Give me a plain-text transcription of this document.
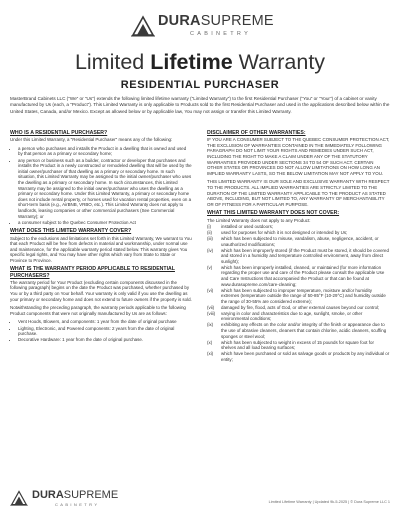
DURASUPREME
CABINETRY
Limited Lifetime Warranty
RESIDENTIAL PURCHASER

MasterBrand Cabinets LLC ("We" or "Us") extends the following limited lifetime warranty ("Limited Warranty") to the first Residential Purchaser ("You" or "Your") of a cabinet or vanity manufactured by Us (each, a "Product"). This Limited Warranty is only applicable to Products sold to the first Residential Purchaser and used in the applications described below within the United States, Canada, and/or Mexico. Except as allowed below or by applicable law, You may not assign or transfer this Limited Warranty.

WHO IS A RESIDENTIAL PURCHASER?
Under this Limited Warranty, a "Residential Purchaser" means any of the following:
• a person who purchases and installs the Product in a dwelling that is owned and used by that person as a primary or secondary home;
• any person or business such as a builder, contractor or developer that purchases and installs the Product in a newly constructed or remodeled dwelling that will be used by the initial owner/purchaser of that dwelling as a primary or secondary home. In such situation, this Limited Warranty may be assigned to the initial owner/purchaser who uses the dwelling as a primary or secondary home. In such circumstances, this Limited Warranty may be assigned to the initial owner/purchaser who uses the dwelling as a primary or secondary home. Under this Limited Warranty, a primary or secondary home does not include rental property, or homes used for vacation rental properties, even on a short-term basis (e.g., AirBNB, VRBO, etc.). This Limited Warranty does not apply to landlords, leasing companies or other commercial purchasers (See Commercial Warranty); or
• a consumer subject to the Quebec Consumer Protection Act
WHAT DOES THIS LIMITED WARRANTY COVER?
Subject to the exclusions and limitations set forth in this Limited Warranty, We warrant to You that each Product will be free from defects in material and workmanship, under normal use and maintenance, for the applicable warranty period stated below. This warranty gives You specific legal rights, and You may have other rights which vary from State to State or Province to Province.
WHAT IS THE WARRANTY PERIOD APPLICABLE TO RESIDENTIAL PURCHASERS?
The warranty period for Your Product (excluding certain components discussed in the following paragraph) begins on the date the Product was purchased, whether purchased by You or by a third party on Your behalf. Your warranty is only valid if you use the dwelling as your primary or secondary home and does not extend to future owners if the property is sold.
Notwithstanding the preceding paragraph, the warranty periods applicable to the following Product components that were not originally manufactured by Us are as follows:
• Vent Hoods, Blowers, and components: 1 year from the date of original purchase
• Lighting, Electronic, and Powered components: 2 years from the date of original purchase.
• Decorative Hardware: 1 year from the date of original purchase.
DISCLAIMER OF OTHER WARRANTIES:
IF YOU ARE A CONSUMER SUBJECT TO THE QUEBEC CONSUMER PROTECTION ACT, THE EXCLUSION OF WARRANTIES CONTAINED IN THE IMMEDIATELY FOLLOWING PARAGRAPH DO NOT LIMIT YOUR RIGHTS AND REMEDIES UNDER SUCH ACT, INCLUDING THE RIGHT TO MAKE A CLAIM UNDER ANY OF THE STATUTORY WARRANTIES PROVIDED UNDER SECTIONS 34 TO 54 OF SUCH ACT. CERTAIN OTHER STATES OR PROVINCES DO NOT ALLOW LIMITATIONS ON HOW LONG AN IMPLIED WARRANTY LASTS, SO THE BELOW LIMITATION MAY NOT APPLY TO YOU.
THIS LIMITED WARRANTY IS OUR SOLE AND EXCLUSIVE WARRANTY WITH RESPECT TO THE PRODUCTS. ALL IMPLIED WARRANTIES ARE STRICTLY LIMITED TO THE DURATION OF THE LIMITED WARRANTY APPLICABLE TO THE PRODUCT AS STATED ABOVE, INCLUDING, BUT NOT LIMITED TO, ANY WARRANTY OF MERCHANTABILITY OR OF FITNESS FOR A PARTICULAR PURPOSE.
WHAT THIS LIMITED WARRANTY DOES NOT COVER:
The Limited Warranty does not apply to any Product:
(i) installed or used outdoors;
(ii) used for purposes for which it is not designed or intended by Us;
(iii) which has been subjected to misuse, vandalism, abuse, negligence, accident, or unauthorized modifications;
(iv) which has been improperly stored (if the Product must be stored, it should be covered and stored in a humidity and temperature controlled environment, away from direct sunlight);
(v) which has been improperly installed, cleaned, or maintained (for more information regarding the proper use and care of the Product please consult the applicable Use and Care Instructions that accompanied the Product or that can be found at www.durasupreme.com/care-cleaning;
(vi) which has been subjected to improper temperature, moisture and/or humidity extremes (temperature outside the range of 50-85°F (10-29°C) and humidity outside the range of 30-55% are considered extreme);
(vii) damaged by fire, flood, acts of God, or other external causes beyond our control;
(viii) varying in color and characteristics due to age, sunlight, smoke, or other environmental conditions;
(ix) exhibiting any effects on the color and/or integrity of the finish or appearance due to the use of abrasive cleaners, cleaners that contain chlorine, acidic cleaners, scuffing sponges or steel wool;
(x) which has been subjected to weight in excess of 15 pounds for square foot for shelves and all load bearing surfaces;
(xi) which have been purchased or sold as salvage goods or products by any individual or entity;
DURASUPREME
CABINETRY	Limited Lifetime Warranty | Updated 9k-5-2025 | © Dura Supreme LLC 1
